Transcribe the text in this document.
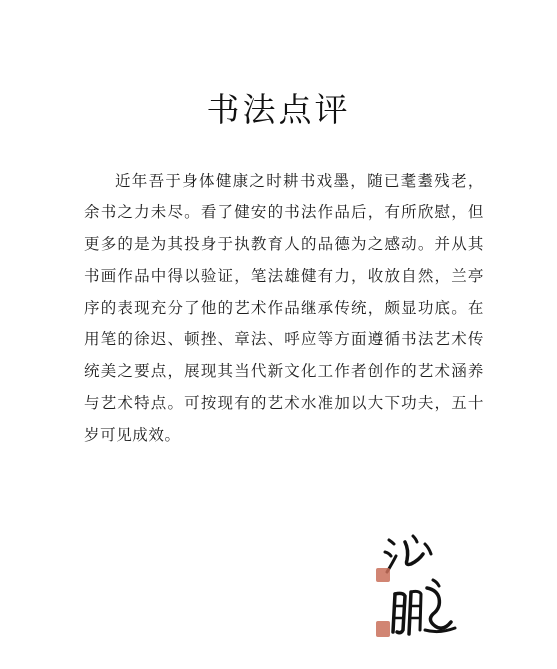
书法点评

近年吾于身体健康之时耕书戏墨，随已耄耋残老，余书之力未尽。看了健安的书法作品后，有所欣慰，但更多的是为其投身于执教育人的品德为之感动。并从其书画作品中得以验证，笔法雄健有力，收放自然，兰亭序的表现充分了他的艺术作品继承传统，颇显功底。在用笔的徐迟、顿挫、章法、呼应等方面遵循书法艺术传统美之要点，展现其当代新文化工作者创作的艺术涵养与艺术特点。可按现有的艺术水准加以大下功夫，五十岁可见成效。
